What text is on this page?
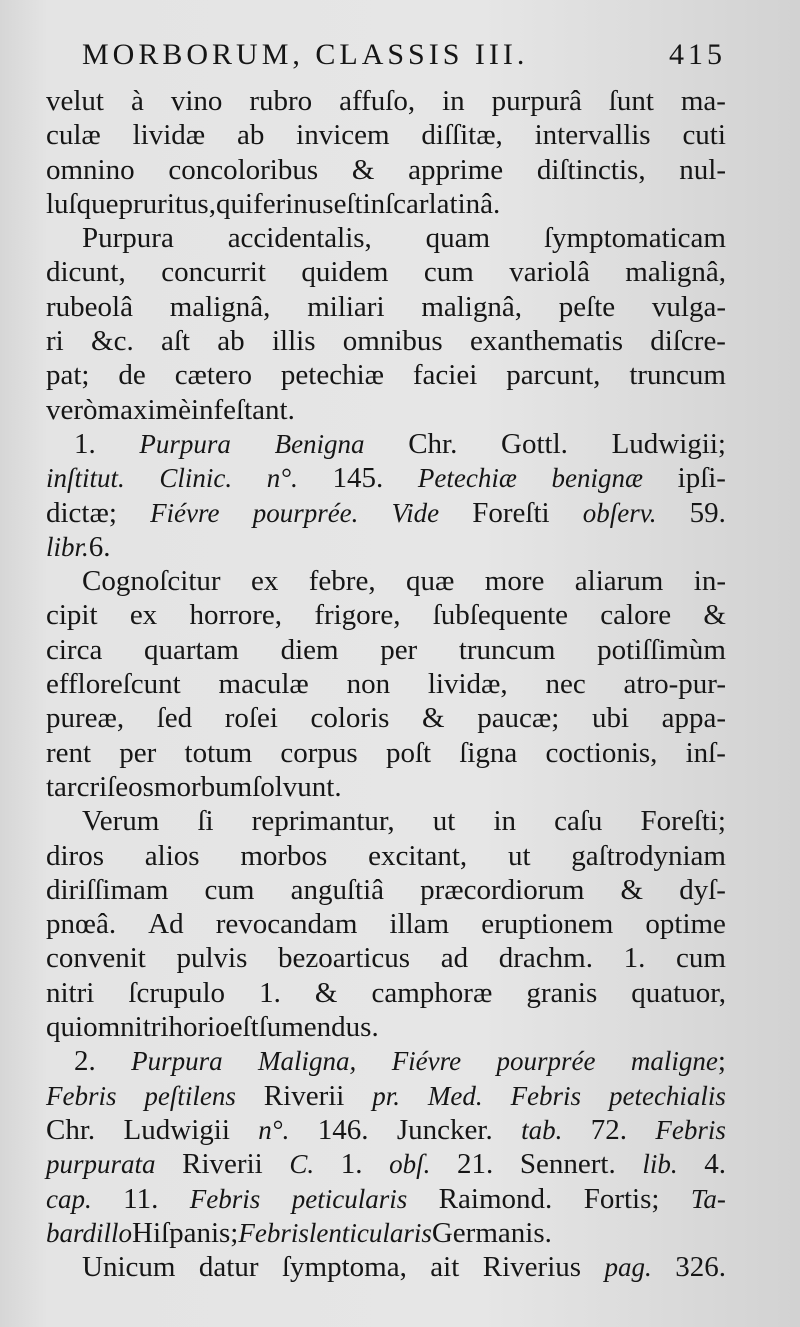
MORBORUM, CLASSIS III.	415
velut à vino rubro affuſo, in purpurâ ſunt ma-
culæ lividæ ab invicem diſſitæ, intervallis cuti
omnino concoloribus & apprime diſtinctis, nul-
luſque pruritus, qui ferinus eſt in ſcarlatinâ.
Purpura accidentalis, quam ſymptomaticam
dicunt, concurrit quidem cum variolâ malignâ,
rubeolâ malignâ, miliari malignâ, peſte vulga-
ri &c. aſt ab illis omnibus exanthematis diſcre-
pat; de cætero petechiæ faciei parcunt, truncum
verò maximè infeſtant.
1. Purpura Benigna Chr. Gottl. Ludwigii;
inſtitut. Clinic. n°. 145. Petechiæ benignæ ipſi-
dictæ; Fiévre pourprée. Vide Foreſti obſerv. 59.
libr. 6.
Cognoſcitur ex febre, quæ more aliarum in-
cipit ex horrore, frigore, ſubſequente calore &
circa quartam diem per truncum potiſſimùm
effloreſcunt maculæ non lividæ, nec atro-pur-
pureæ, ſed roſei coloris & paucæ; ubi appa-
rent per totum corpus poſt ſigna coctionis, inſ-
tar criſeos morbum ſolvunt.
Verum ſi reprimantur, ut in caſu Foreſti;
diros alios morbos excitant, ut gaſtrodyniam
diriſſimam cum anguſtiâ præcordiorum & dyſ-
pnœâ. Ad revocandam illam eruptionem optime
convenit pulvis bezoarticus ad drachm. 1. cum
nitri ſcrupulo 1. & camphoræ granis quatuor,
qui omni trihorio eſt ſumendus.
2. Purpura Maligna, Fiévre pourprée maligne;
Febris peſtilens Riverii pr. Med. Febris petechialis
Chr. Ludwigii n°. 146. Juncker. tab. 72. Febris
purpurata Riverii C. 1. obſ. 21. Sennert. lib. 4.
cap. 11. Febris peticularis Raimond. Fortis; Ta-
bardillo Hiſpanis; Febris lenticularis Germanis.
Unicum datur ſymptoma, ait Riverius pag. 326.
